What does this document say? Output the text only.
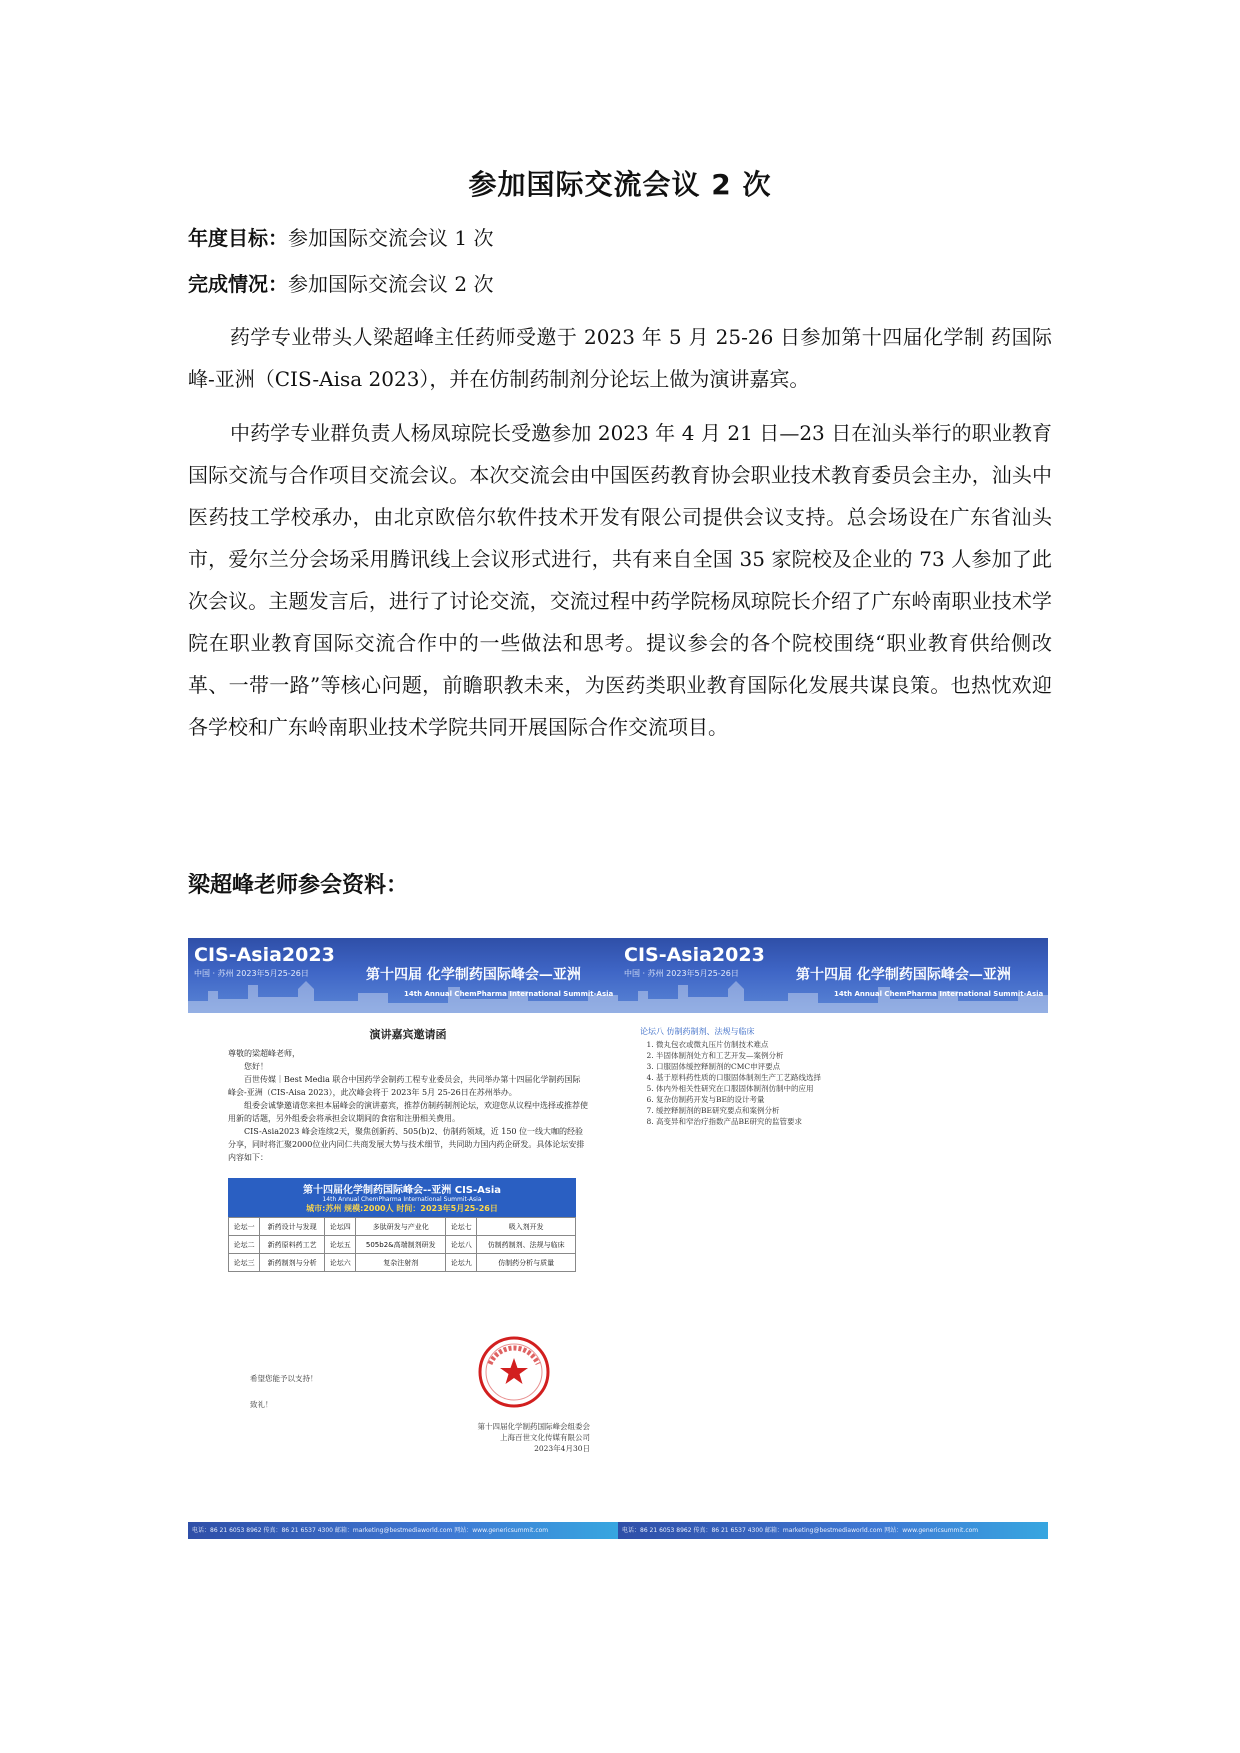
参加国际交流会议 2 次
年度目标：参加国际交流会议 1 次
完成情况：参加国际交流会议 2 次

药学专业带头人梁超峰主任药师受邀于 2023 年 5 月 25-26 日参加第十四届化学制 药国际峰-亚洲（CIS-Aisa 2023），并在仿制药制剂分论坛上做为演讲嘉宾。

中药学专业群负责人杨凤琼院长受邀参加 2023 年 4 月 21 日—23 日在汕头举行的职业教育国际交流与合作项目交流会议。本次交流会由中国医药教育协会职业技术教育委员会主办，汕头中医药技工学校承办，由北京欧倍尔软件技术开发有限公司提供会议支持。总会场设在广东省汕头市，爱尔兰分会场采用腾讯线上会议形式进行，共有来自全国 35 家院校及企业的 73 人参加了此次会议。主题发言后，进行了讨论交流，交流过程中药学院杨凤琼院长介绍了广东岭南职业技术学院在职业教育国际交流合作中的一些做法和思考。提议参会的各个院校围绕“职业教育供给侧改革、一带一路”等核心问题，前瞻职教未来，为医药类职业教育国际化发展共谋良策。也热忱欢迎各学校和广东岭南职业技术学院共同开展国际合作交流项目。

梁超峰老师参会资料：
CIS-Asia2023
中国 · 苏州 2023年5月25-26日	第十四届 化学制药国际峰会—亚洲
14th Annual ChemPharma International Summit-Asia
CIS-Asia2023
中国 · 苏州 2023年5月25-26日	第十四届 化学制药国际峰会—亚洲
14th Annual ChemPharma International Summit-Asia
演讲嘉宾邀请函

尊敬的梁超峰老师，

您好！

百世传媒｜Best Media 联合中国药学会制药工程专业委员会，共同举办第十四届化学制药国际峰会-亚洲（CIS-Aisa 2023），此次峰会将于 2023年 5月 25-26日在苏州举办。

组委会诚挚邀请您来担本届峰会的演讲嘉宾，推荐仿制药制剂论坛，欢迎您从议程中选择或推荐使用新的话题，另外组委会将承担会议期间的食宿和注册相关费用。

CIS-Asia2023 峰会连续2天，聚焦创新药、505(b)2、仿制药领域，近 150 位一线大咖的经验分享，同时将汇聚2000位业内同仁共商发展大势与技术细节，共同助力国内药企研发。具体论坛安排内容如下：

第十四届化学制药国际峰会--亚洲 CIS-Asia
14th Annual ChemPharma International Summit-Asia
城市:苏州 规模:2000人 时间：2023年5月25-26日
论坛一	新药设计与发现	论坛四	多肽研发与产业化	论坛七	吸入剂开发
论坛二	新药原料药工艺	论坛五	505b2&高端制剂研发	论坛八	仿制药制剂、法规与临床
论坛三	新药制剂与分析	论坛六	复杂注射剂	论坛九	仿制药分析与质量
论坛八 仿制药制剂、法规与临床
1. 微丸包衣或微丸压片仿制技术难点
2. 半固体制剂处方和工艺开发—案例分析
3. 口服固体缓控释制剂的CMC申评要点
4. 基于原料药性质的口服固体制剂生产工艺路线选择
5. 体内外相关性研究在口服固体制剂仿制中的应用
6. 复杂仿制药开发与BE的设计考量
7. 缓控释制剂的BE研究要点和案例分析
8. 高变异和窄治疗指数产品BE研究的监管要求
希望您能予以支持！
致礼！
第十四届化学制药国际峰会组委会
上海百世文化传媒有限公司
2023年4月30日
电话：86 21 6053 8962 传真：86 21 6537 4300 邮箱：marketing@bestmediaworld.com 网站：www.genericsummit.com	电话：86 21 6053 8962 传真：86 21 6537 4300 邮箱：marketing@bestmediaworld.com 网站：www.genericsummit.com
